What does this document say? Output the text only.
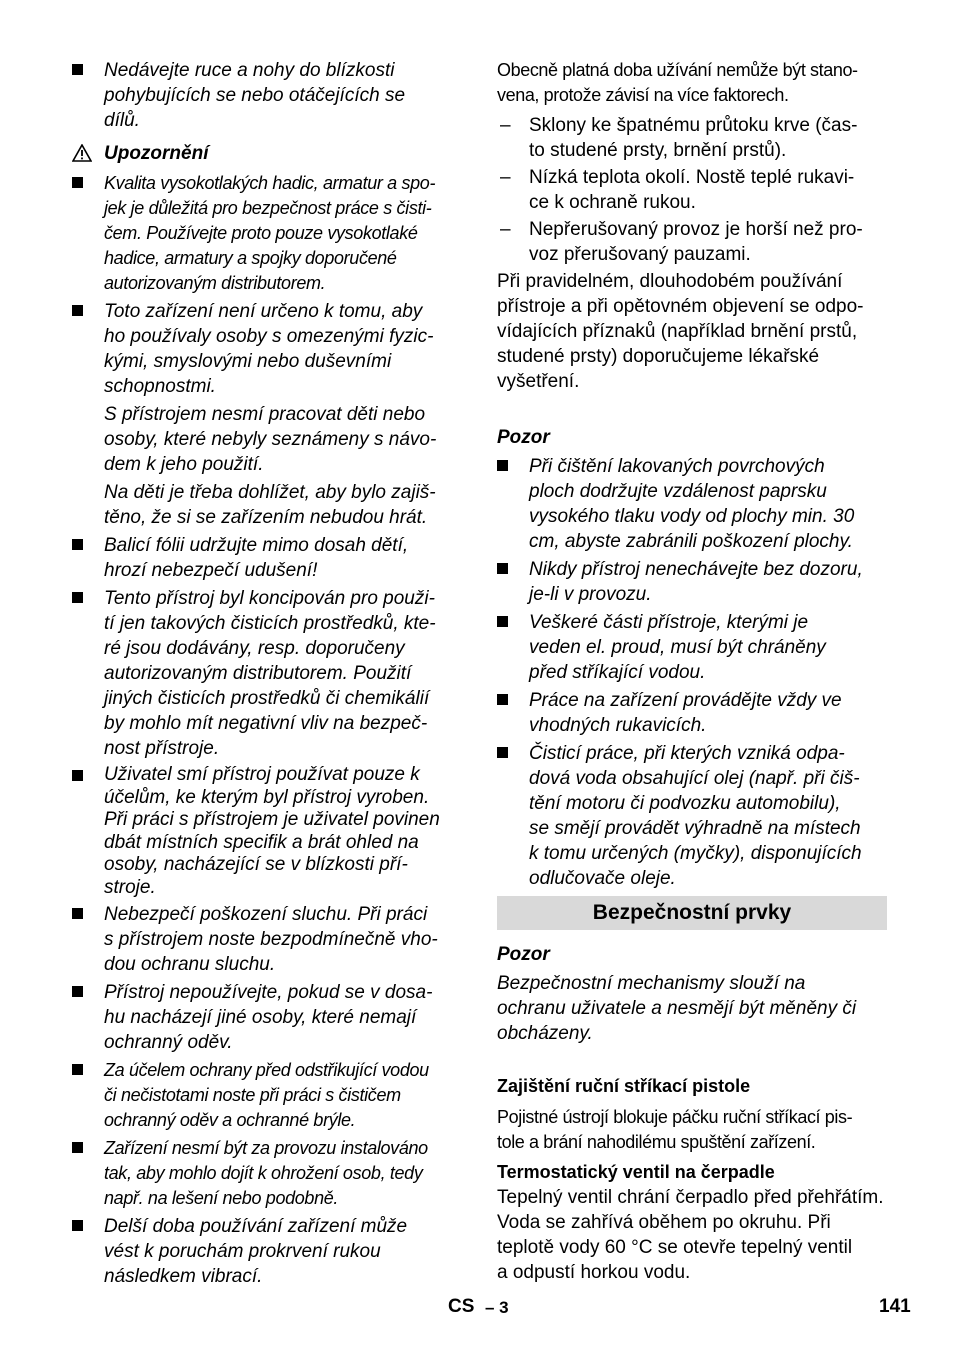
Nedávejte ruce a nohy do blízkosti
pohybujících se nebo otáčejících se
dílů.
Upozornění
Kvalita vysokotlakých hadic, armatur a spo-
jek je důležitá pro bezpečnost práce s čisti-
čem. Používejte proto pouze vysokotlaké
hadice, armatury a spojky doporučené
autorizovaným distributorem.
Toto zařízení není určeno k tomu, aby
ho používaly osoby s omezenými fyzic-
kými, smyslovými nebo duševními
schopnostmi.
S přístrojem nesmí pracovat děti nebo
osoby, které nebyly seznámeny s návo-
dem k jeho použití.
Na děti je třeba dohlížet, aby bylo zajiš-
těno, že si se zařízením nebudou hrát.
Balicí fólii udržujte mimo dosah dětí,
hrozí nebezpečí udušení!
Tento přístroj byl koncipován pro použi-
tí jen takových čisticích prostředků, kte-
ré jsou dodávány, resp. doporučeny
autorizovaným distributorem. Použití
jiných čisticích prostředků či chemikálií
by mohlo mít negativní vliv na bezpeč-
nost přístroje.
Uživatel smí přístroj používat pouze k
účelům, ke kterým byl přístroj vyroben.
Při práci s přístrojem je uživatel povinen
dbát místních specifik a brát ohled na
osoby, nacházející se v blízkosti pří-
stroje.
Nebezpečí poškození sluchu. Při práci
s přístrojem noste bezpodmínečně vho-
dou ochranu sluchu.
Přístroj nepoužívejte, pokud se v dosa-
hu nacházejí jiné osoby, které nemají
ochranný oděv.
Za účelem ochrany před odstřikující vodou
či nečistotami noste při práci s čističem
ochranný oděv a ochranné brýle.
Zařízení nesmí být za provozu instalováno
tak, aby mohlo dojít k ohrožení osob, tedy
např. na lešení nebo podobně.
Delší doba používání zařízení může
vést k poruchám prokrvení rukou
následkem vibrací.
Obecně platná doba užívání nemůže být stano-
vena, protože závisí na více faktorech.
– Sklony ke špatnému průtoku krve (čas-
to studené prsty, brnění prstů).
– Nízká teplota okolí. Nostě teplé rukavi-
ce k ochraně rukou.
– Nepřerušovaný provoz je horší než pro-
voz přerušovaný pauzami.
Při pravidelném, dlouhodobém používání
přístroje a při opětovném objevení se odpo-
vídajících příznaků (například brnění prstů,
studené prsty) doporučujeme lékařské
vyšetření.
Pozor
Při čištění lakovaných povrchových
ploch dodržujte vzdálenost paprsku
vysokého tlaku vody od plochy min. 30
cm, abyste zabránili poškození plochy.
Nikdy přístroj nenechávejte bez dozoru,
je-li v provozu.
Veškeré části přístroje, kterými je
veden el. proud, musí být chráněny
před stříkající vodou.
Práce na zařízení provádějte vždy ve
vhodných rukavicích.
Čisticí práce, při kterých vzniká odpa-
dová voda obsahující olej (např. při čiš-
tění motoru či podvozku automobilu),
se smějí provádět výhradně na místech
k tomu určených (myčky), disponujících
odlučovače oleje.
Bezpečnostní prvky
Pozor
Bezpečnostní mechanismy slouží na
ochranu uživatele a nesmějí být měněny či
obcházeny.
Zajištění ruční stříkací pistole
Pojistné ústrojí blokuje páčku ruční stříkací pis-
tole a brání nahodilému spuštění zařízení.
Termostatický ventil na čerpadle
Tepelný ventil chrání čerpadlo před přehřátím.
Voda se zahřívá oběhem po okruhu. Při
teplotě vody 60 °C se otevře tepelný ventil
a odpustí horkou vodu.
CS – 3	141
